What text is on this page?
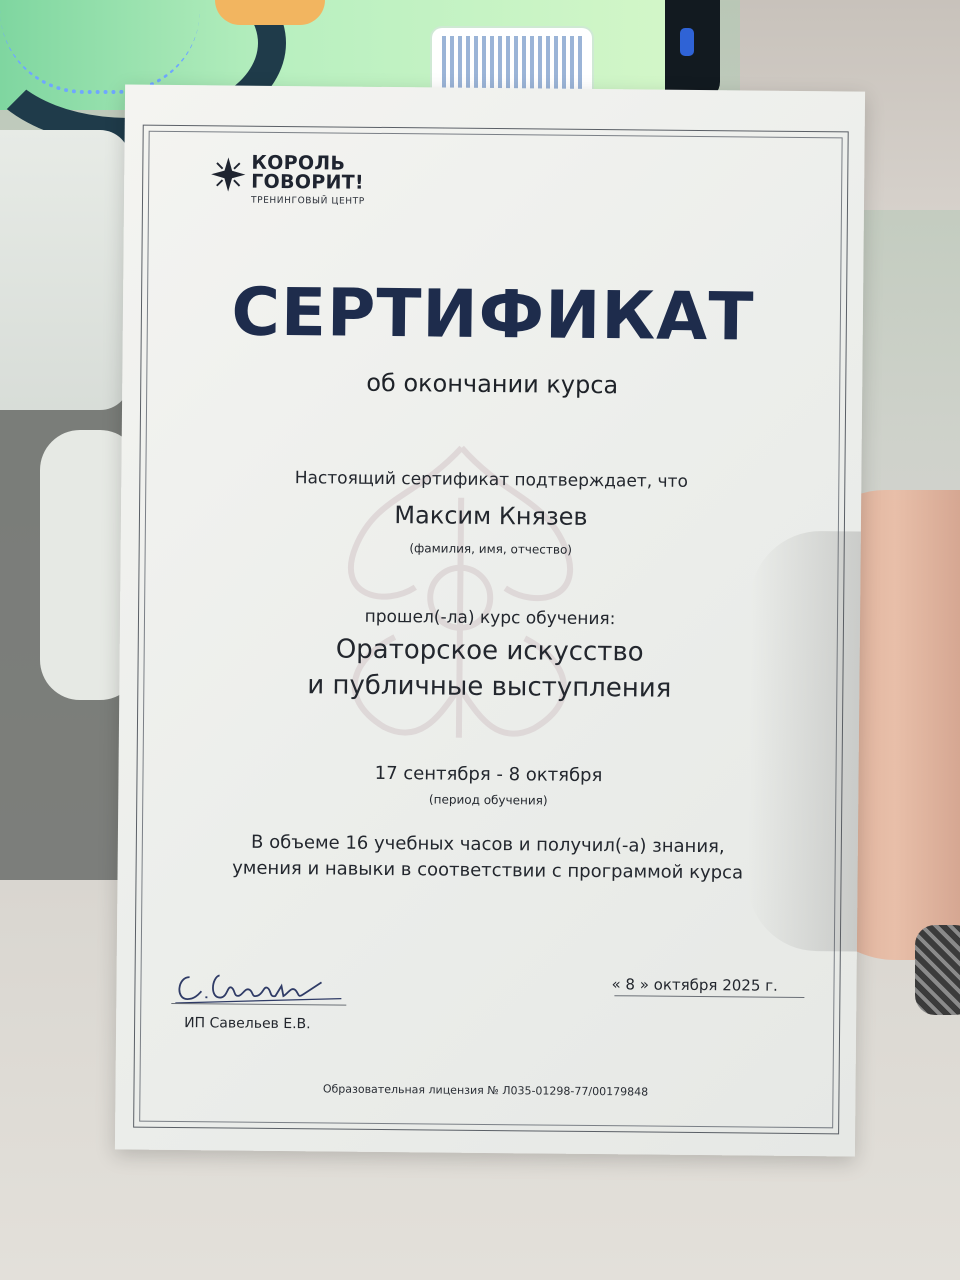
КОРОЛЬ
ГОВОРИТ!
ТРЕНИНГОВЫЙ ЦЕНТР
СЕРТИФИКАТ
об окончании курса
Настоящий сертификат подтверждает, что
Максим Князев
(фамилия, имя, отчество)
прошел(-ла) курс обучения:
Ораторское искусство
и публичные выступления
17 сентября - 8 октября
(период обучения)
В объеме 16 учебных часов и получил(-а) знания,
умения и навыки в соответствии с программой курса
ИП Савельев Е.В.
« 8 » октября 2025 г.
Образовательная лицензия № Л035-01298-77/00179848
